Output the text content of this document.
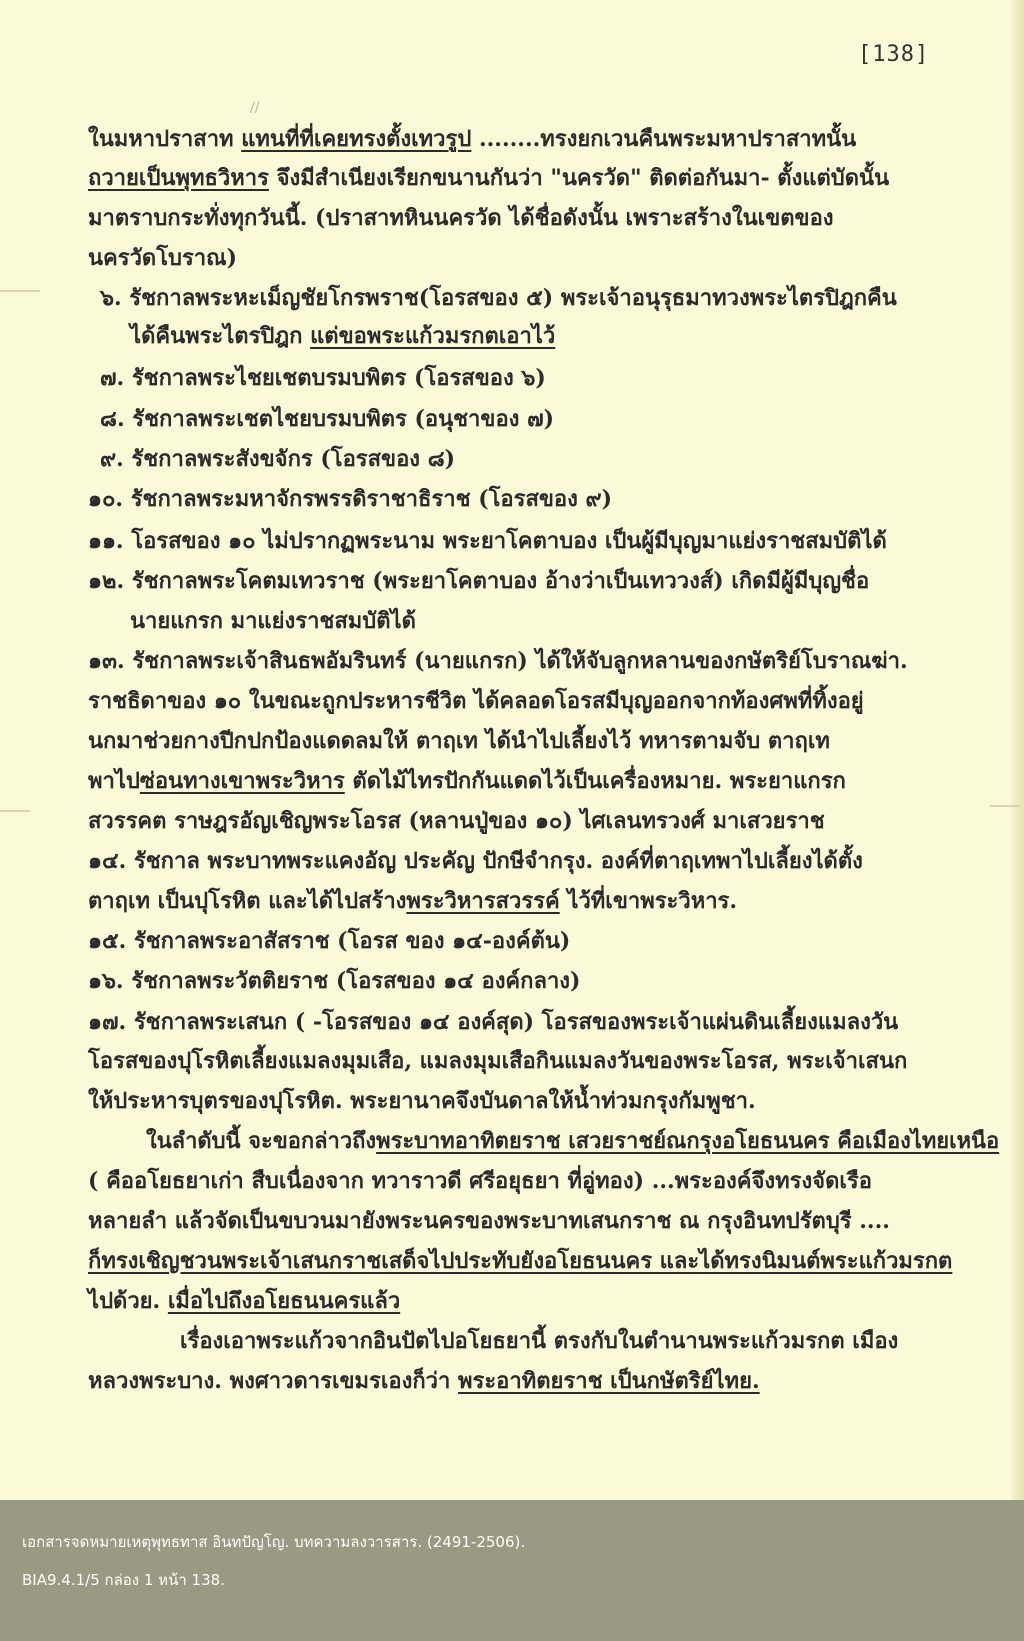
//
[138]
ในมหาปราสาท แทนที่ที่เคยทรงตั้งเทวรูป ........ทรงยกเวนคืนพระมหาปราสาทนั้น
ถวายเป็นพุทธวิหาร จึงมีสำเนียงเรียกขนานกันว่า "นครวัด" ติดต่อกันมา- ตั้งแต่บัดนั้น
มาตราบกระทั่งทุกวันนี้. (ปราสาทหินนครวัด ได้ชื่อดังนั้น เพราะสร้างในเขตของ
นครวัดโบราณ)
๖. รัชกาลพระหะเม็ญชัยโกรพราช(โอรสของ ๕) พระเจ้าอนุรุธมาทวงพระไตรปิฎกคืน
ได้คืนพระไตรปิฎก แต่ขอพระแก้วมรกตเอาไว้
๗. รัชกาลพระไชยเชตบรมบพิตร (โอรสของ ๖)
๘. รัชกาลพระเชตไชยบรมบพิตร (อนุชาของ ๗)
๙. รัชกาลพระสังขจักร (โอรสของ ๘)
๑๐. รัชกาลพระมหาจักรพรรดิราชาธิราช (โอรสของ ๙)
๑๑. โอรสของ ๑๐ ไม่ปรากฏพระนาม พระยาโคตาบอง เป็นผู้มีบุญมาแย่งราชสมบัติได้
๑๒. รัชกาลพระโคตมเทวราช (พระยาโคตาบอง อ้างว่าเป็นเทววงส์) เกิดมีผู้มีบุญชื่อ
นายแกรก มาแย่งราชสมบัติได้
๑๓. รัชกาลพระเจ้าสินธพอัมรินทร์ (นายแกรก) ได้ให้จับลูกหลานของกษัตริย์โบราณฆ่า.
ราชธิดาของ ๑๐ ในขณะถูกประหารชีวิต ได้คลอดโอรสมีบุญออกจากท้องศพที่ทิ้งอยู่
นกมาช่วยกางปีกปกป้องแดดลมให้ ตาฤเท ได้นำไปเลี้ยงไว้ ทหารตามจับ ตาฤเท
พาไปซ่อนทางเขาพระวิหาร ตัดไม้ไทรปักกันแดดไว้เป็นเครื่องหมาย. พระยาแกรก
สวรรคต ราษฎรอัญเชิญพระโอรส (หลานปู่ของ ๑๐) ไศเลนทรวงศ์ มาเสวยราช
๑๔. รัชกาล พระบาทพระแคงอัญ ประคัญ ปักษีจำกรุง. องค์ที่ตาฤเทพาไปเลี้ยงได้ตั้ง
ตาฤเท เป็นปุโรหิต และได้ไปสร้างพระวิหารสวรรค์ ไว้ที่เขาพระวิหาร.
๑๕. รัชกาลพระอาสัสราช (โอรส ของ ๑๔-องค์ต้น)
๑๖. รัชกาลพระวัตติยราช (โอรสของ ๑๔ องค์กลาง)
๑๗. รัชกาลพระเสนก ( -โอรสของ ๑๔ องค์สุด) โอรสของพระเจ้าแผ่นดินเลี้ยงแมลงวัน
โอรสของปุโรหิตเลี้ยงแมลงมุมเสือ, แมลงมุมเสือกินแมลงวันของพระโอรส, พระเจ้าเสนก
ให้ประหารบุตรของปุโรหิต. พระยานาคจึงบันดาลให้น้ำท่วมกรุงกัมพูชา.
ในลำดับนี้ จะขอกล่าวถึงพระบาทอาทิตยราช เสวยราชย์ณกรุงอโยธนนคร คือเมืองไทยเหนือ
( คืออโยธยาเก่า สืบเนื่องจาก ทวาราวดี ศรีอยุธยา ที่อู่ทอง) ...พระองค์จึงทรงจัดเรือ
หลายลำ แล้วจัดเป็นขบวนมายังพระนครของพระบาทเสนกราช ณ กรุงอินทปรัตบุรี ....
ก็ทรงเชิญชวนพระเจ้าเสนกราชเสด็จไปประทับยังอโยธนนคร และได้ทรงนิมนต์พระแก้วมรกต
ไปด้วย. เมื่อไปถึงอโยธนนครแล้ว
เรื่องเอาพระแก้วจากอินปัตไปอโยธยานี้ ตรงกับในตำนานพระแก้วมรกต เมือง
หลวงพระบาง. พงศาวดารเขมรเองก็ว่า พระอาทิตยราช เป็นกษัตริย์ไทย.
เอกสารจดหมายเหตุพุทธทาส อินทปัญโญ. บทความลงวารสาร. (2491-2506).
BIA9.4.1/5 กล่อง 1 หน้า 138.
